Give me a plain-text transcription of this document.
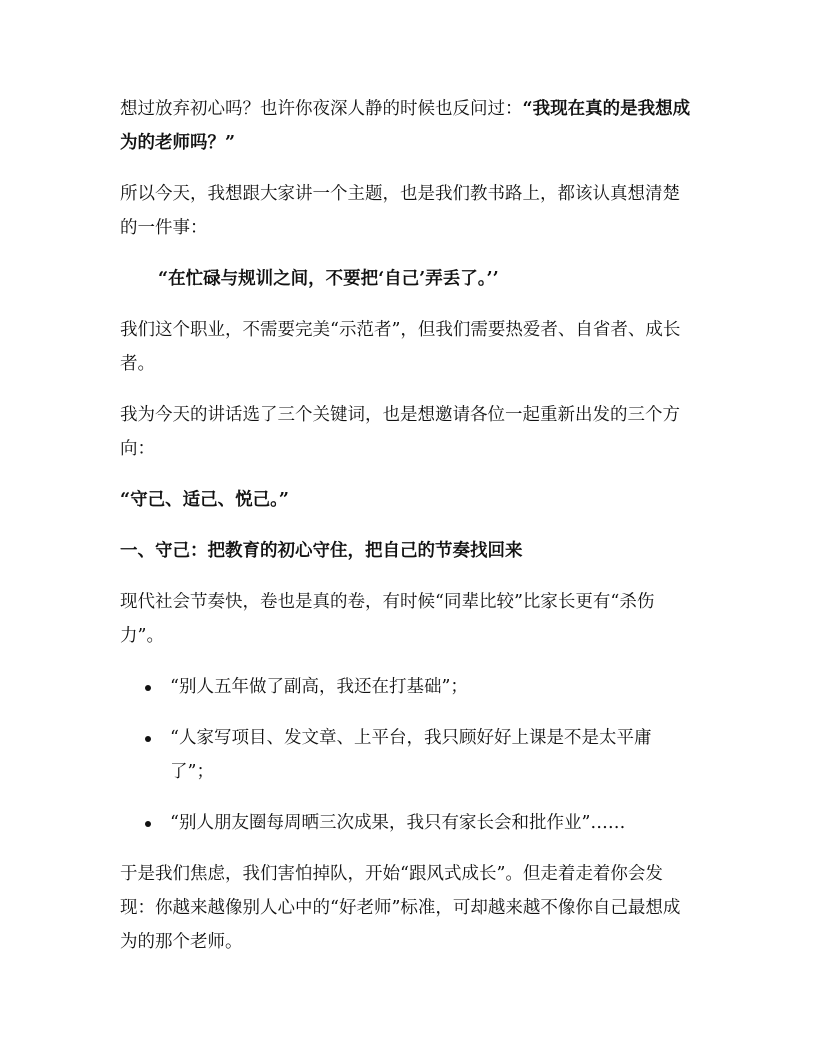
想过放弃初心吗？也许你夜深人静的时候也反问过：“我现在真的是我想成为的老师吗？”

所以今天，我想跟大家讲一个主题，也是我们教书路上，都该认真想清楚的一件事：

“在忙碌与规训之间，不要把‘自己’弄丢了。’’

我们这个职业，不需要完美“示范者”，但我们需要热爱者、自省者、成长者。

我为今天的讲话选了三个关键词，也是想邀请各位一起重新出发的三个方向：

“守己、适己、悦己。”

一、守己：把教育的初心守住，把自己的节奏找回来

现代社会节奏快，卷也是真的卷，有时候“同辈比较”比家长更有“杀伤力”。

“别人五年做了副高，我还在打基础”；
“人家写项目、发文章、上平台，我只顾好好上课是不是太平庸了”；
“别人朋友圈每周晒三次成果，我只有家长会和批作业”……

于是我们焦虑，我们害怕掉队，开始“跟风式成长”。但走着走着你会发现：你越来越像别人心中的“好老师”标准，可却越来越不像你自己最想成为的那个老师。
